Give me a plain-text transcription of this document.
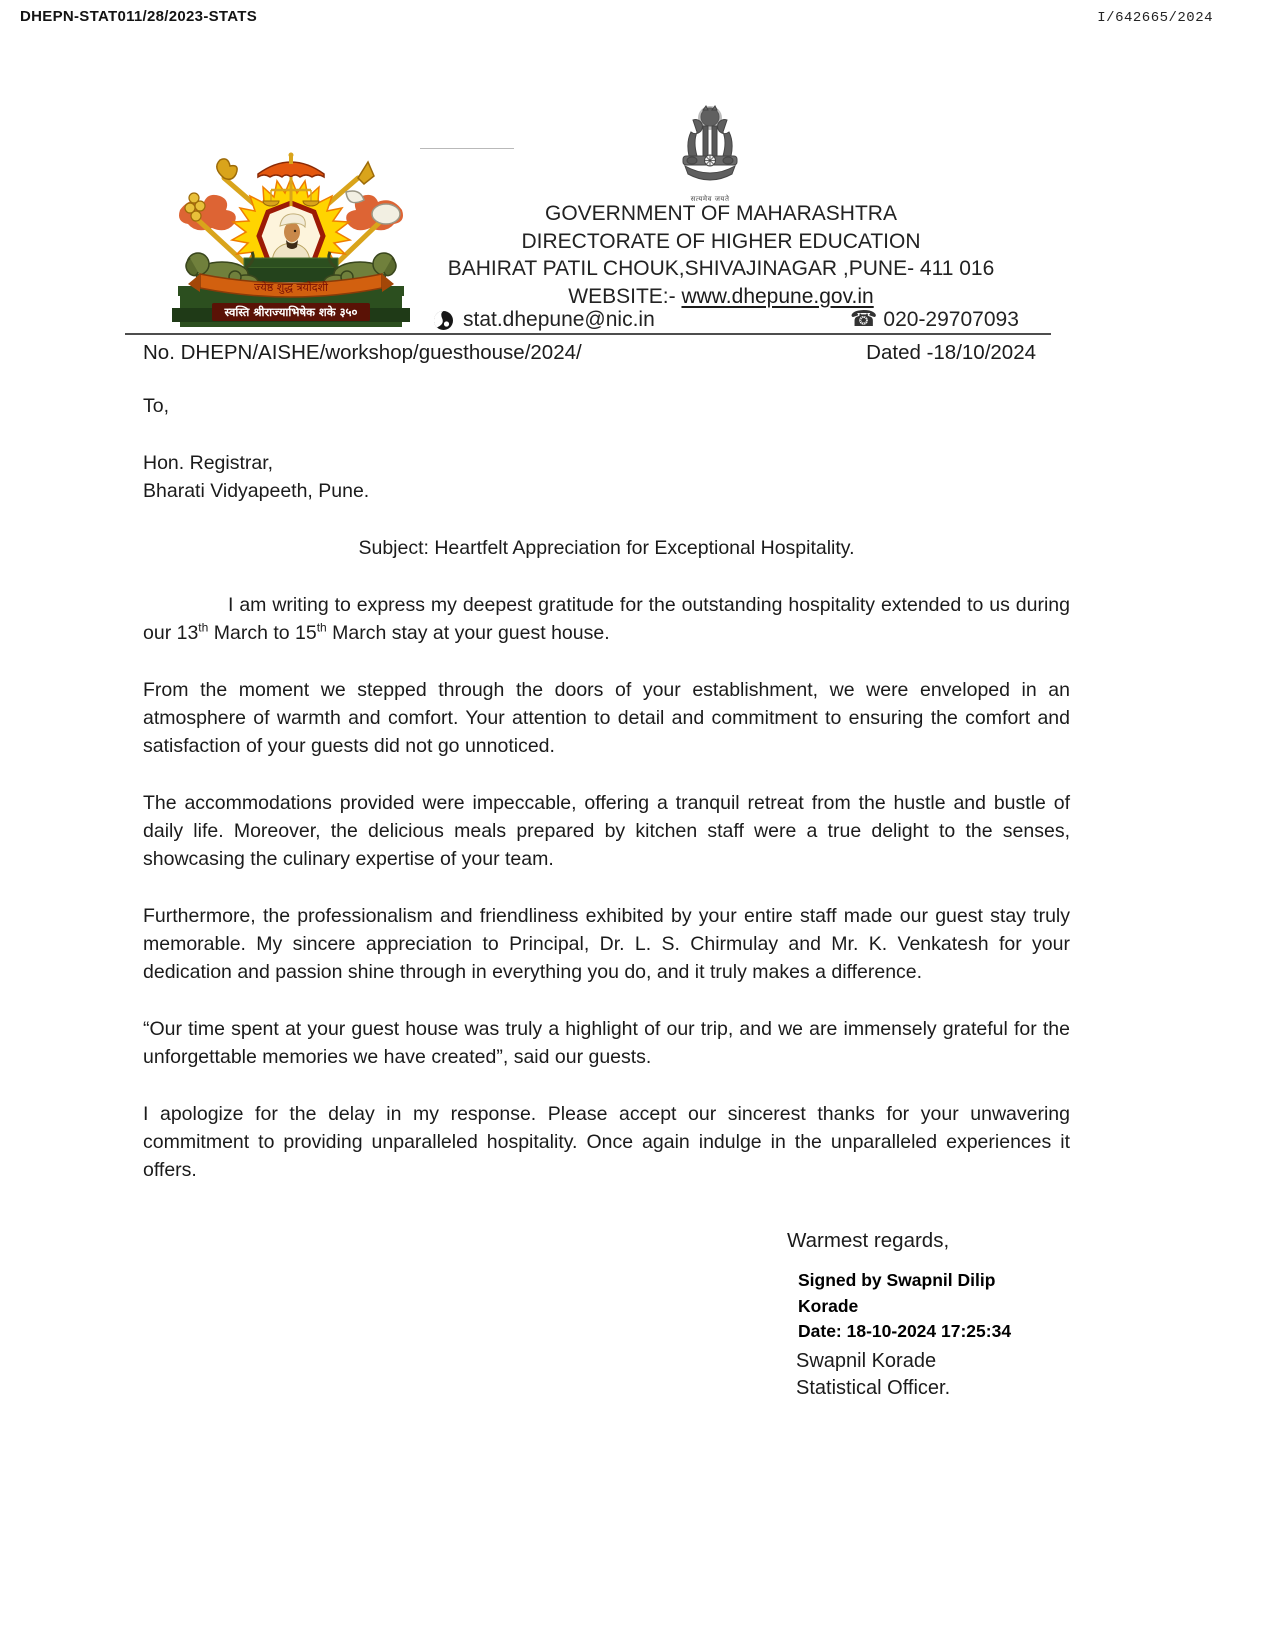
DHEPN-STAT011/28/2023-STATS	I/642665/2024
ज्येष्ठ शुद्ध त्रयोदशी
स्वस्ति श्रीराज्याभिषेक शके ३५०
सत्यमेव जयते
GOVERNMENT OF MAHARASHTRA
DIRECTORATE OF HIGHER EDUCATION
BAHIRAT PATIL CHOUK,SHIVAJINAGAR ,PUNE- 411 016
WEBSITE:- www.dhepune.gov.in
stat.dhepune@nic.in	☎ 020-29707093
No. DHEPN/AISHE/workshop/guesthouse/2024/	Dated -18/10/2024
To,
Hon. Registrar,
Bharati Vidyapeeth, Pune.
Subject: Heartfelt Appreciation for Exceptional Hospitality.

I am writing to express my deepest gratitude for the outstanding hospitality extended to us during our 13th March to 15th March stay at your guest house.

From the moment we stepped through the doors of your establishment, we were enveloped in an atmosphere of warmth and comfort. Your attention to detail and commitment to ensuring the comfort and satisfaction of your guests did not go unnoticed.

The accommodations provided were impeccable, offering a tranquil retreat from the hustle and bustle of daily life. Moreover, the delicious meals prepared by kitchen staff were a true delight to the senses, showcasing the culinary expertise of your team.

Furthermore, the professionalism and friendliness exhibited by your entire staff made our guest stay truly memorable. My sincere appreciation to Principal, Dr. L. S. Chirmulay and Mr. K. Venkatesh for your dedication and passion shine through in everything you do, and it truly makes a difference.

“Our time spent at your guest house was truly a highlight of our trip, and we are immensely grateful for the unforgettable memories we have created”, said our guests.

I apologize for the delay in my response. Please accept our sincerest thanks for your unwavering commitment to providing unparalleled hospitality. Once again indulge in the unparalleled experiences it offers.

Warmest regards,
Signed by Swapnil Dilip
Korade
Date: 18-10-2024 17:25:34
Swapnil Korade
Statistical Officer.
